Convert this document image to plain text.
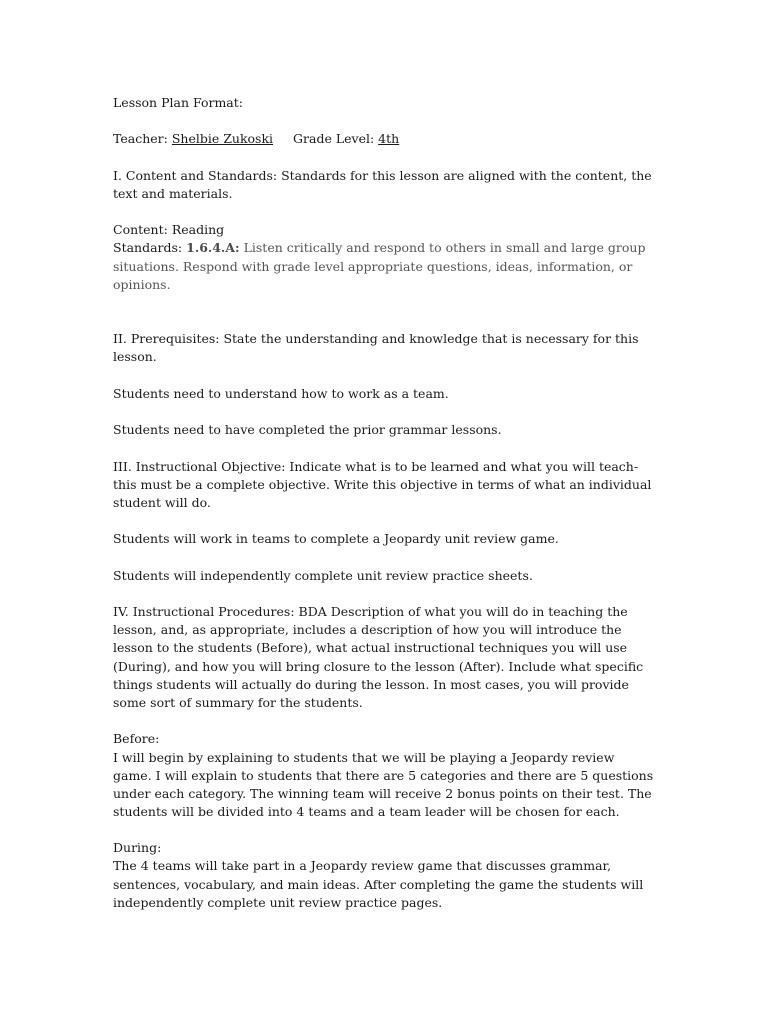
Lesson Plan Format:
Teacher: Shelbie Zukoski Grade Level: 4th
I. Content and Standards: Standards for this lesson are aligned with the content, the
text and materials.
Content: Reading
Standards: 1.6.4.A: Listen critically and respond to others in small and large group
situations. Respond with grade level appropriate questions, ideas, information, or
opinions.
II. Prerequisites: State the understanding and knowledge that is necessary for this
lesson.
Students need to understand how to work as a team.
Students need to have completed the prior grammar lessons.
III. Instructional Objective: Indicate what is to be learned and what you will teach-
this must be a complete objective. Write this objective in terms of what an individual
student will do.
Students will work in teams to complete a Jeopardy unit review game.
Students will independently complete unit review practice sheets.
IV. Instructional Procedures: BDA Description of what you will do in teaching the
lesson, and, as appropriate, includes a description of how you will introduce the
lesson to the students (Before), what actual instructional techniques you will use
(During), and how you will bring closure to the lesson (After). Include what specific
things students will actually do during the lesson. In most cases, you will provide
some sort of summary for the students.
Before:
I will begin by explaining to students that we will be playing a Jeopardy review
game. I will explain to students that there are 5 categories and there are 5 questions
under each category. The winning team will receive 2 bonus points on their test. The
students will be divided into 4 teams and a team leader will be chosen for each.
During:
The 4 teams will take part in a Jeopardy review game that discusses grammar,
sentences, vocabulary, and main ideas. After completing the game the students will
independently complete unit review practice pages.
